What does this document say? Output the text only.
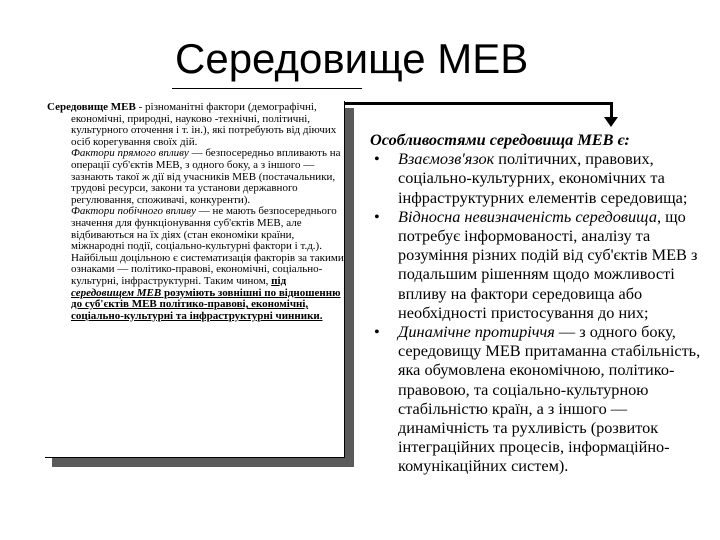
Середовище МЕВ

Середовище МЕВ - різноманітні фактори (демографічні, економічні, природні, науково -технічні, політичні, культурного оточення і т. ін.), які потребують від діючих осіб корегування своїх дій.

Фактори прямого впливу — безпосередньо впливають на операції суб'єктів МЕВ, з одного боку, а з іншого — зазнають такої ж дії від учасників МЕВ (постачальники, трудові ресурси, закони та установи державного регулювання, споживачі, конкуренти).

Фактори побічного впливу — не мають безпосереднього значення для функціонування суб'єктів МЕВ, але відбиваються на їх діях (стан економіки країни, міжнародні події, соціально-культурні фактори і т.д.).

Найбільш доцільною є систематизація факторів за такими ознаками — політико-правові, економічні, соціально-культурні, інфраструктурні. Таким чином, під середовищем МЕВ розуміють зовнішні по відношенню до суб'єктів МЕВ політико-правові, економічні, соціально-культурні та інфраструктурні чинники.

Особливостями середовища МЕВ є:

• Взаємозв'язок політичних, правових, соціально-культурних, економічних та інфраструктурних елементів середовища;
• Відносна невизначеність середовища, що потребує інформованості, аналізу та розуміння різних подій від суб'єктів МЕВ з подальшим рішенням щодо можливості впливу на фактори середовища або необхідності пристосування до них;
• Динамічне протиріччя — з одного боку, середовищу МЕВ притаманна стабільність, яка обумовлена економічною, політико-правовою, та соціально-культурною стабільністю країн, а з іншого — динамічність та рухливість (розвиток інтеграційних процесів, інформаційно-комунікаційних систем).
